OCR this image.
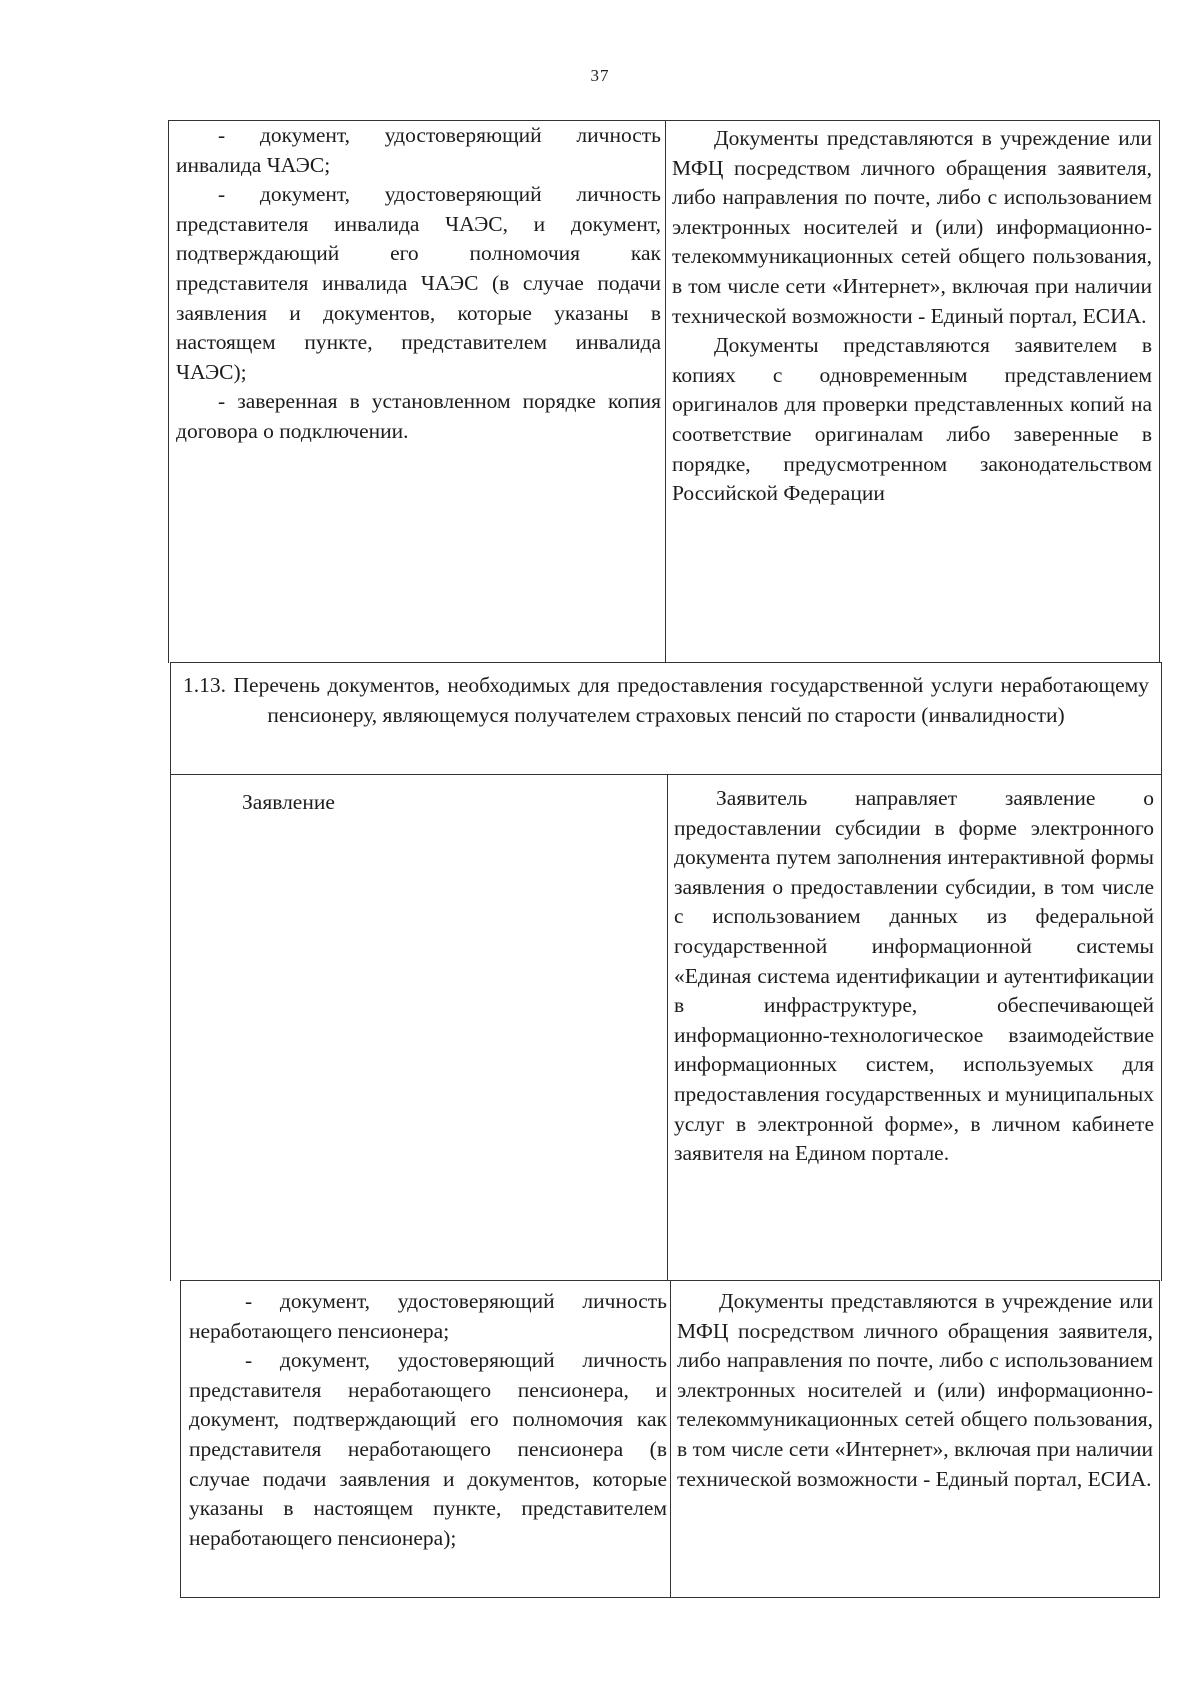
37

- документ, удостоверяющий личность инвалида ЧАЭС;

- документ, удостоверяющий личность представителя инвалида ЧАЭС, и документ, подтверждающий его полномочия как представителя инвалида ЧАЭС (в случае подачи заявления и документов, которые указаны в настоящем пункте, представителем инвалида ЧАЭС);

- заверенная в установленном порядке копия договора о подключении.

Документы представляются в учреждение или МФЦ посредством личного обращения заявителя, либо направления по почте, либо с использованием электронных носителей и (или) информационно-телекоммуникационных сетей общего пользования, в том числе сети «Интернет», включая при наличии технической возможности - Единый портал, ЕСИА.

Документы представляются заявителем в копиях с одновременным представлением оригиналов для проверки представленных копий на соответствие оригиналам либо заверенные в порядке, предусмотренном законодательством Российской Федерации

1.13. Перечень документов, необходимых для предоставления государственной услуги неработающему пенсионеру, являющемуся получателем страховых пенсий по старости (инвалидности)

Заявление	Заявитель направляет заявление о предоставлении субсидии в форме электронного документа путем заполнения интерактивной формы заявления о предоставлении субсидии, в том числе с использованием данных из федеральной государственной информационной системы «Единая система идентификации и аутентификации в инфраструктуре, обеспечивающей информационно-технологическое взаимодействие информационных систем, используемых для предоставления государственных и муниципальных услуг в электронной форме», в личном кабинете заявителя на Едином портале.

- документ, удостоверяющий личность неработающего пенсионера;

- документ, удостоверяющий личность представителя неработающего пенсионера, и документ, подтверждающий его полномочия как представителя неработающего пенсионера (в случае подачи заявления и документов, которые указаны в настоящем пункте, представителем неработающего пенсионера);

Документы представляются в учреждение или МФЦ посредством личного обращения заявителя, либо направления по почте, либо с использованием электронных носителей и (или) информационно-телекоммуникационных сетей общего пользования, в том числе сети «Интернет», включая при наличии технической возможности - Единый портал, ЕСИА.
